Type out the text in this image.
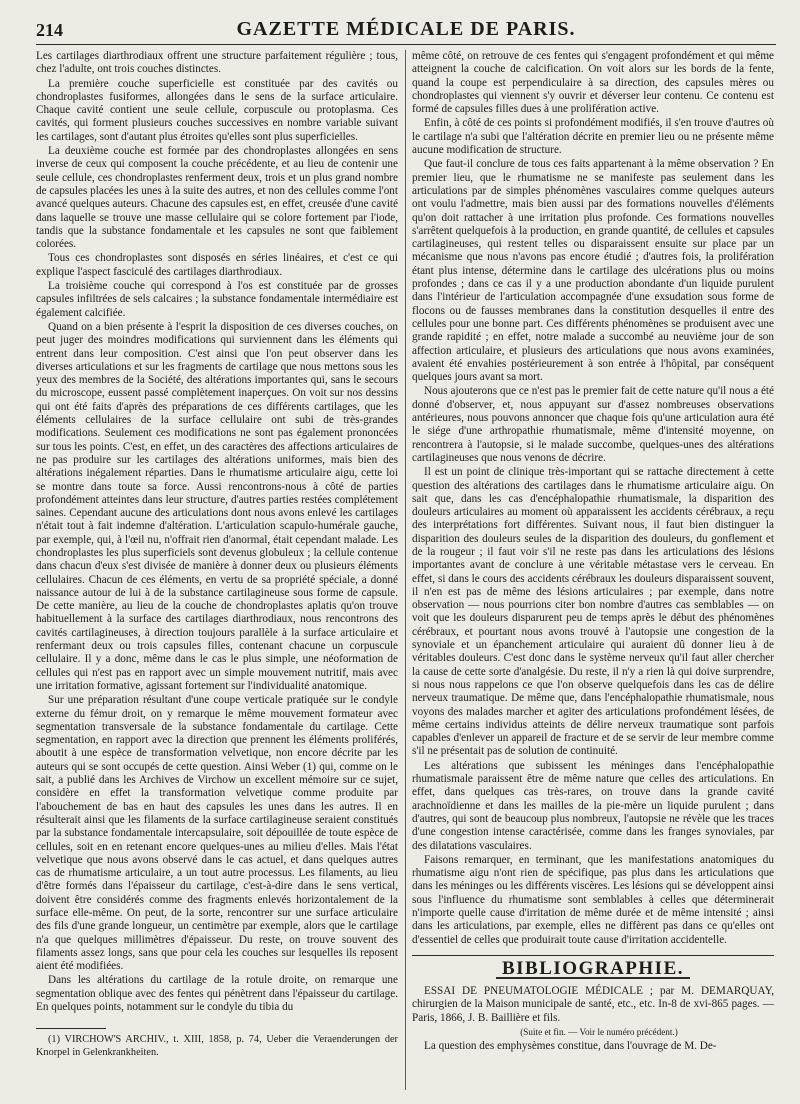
214	GAZETTE MÉDICALE DE PARIS.

Les cartilages diarthrodiaux offrent une structure parfaitement régulière ; tous, chez l'adulte, ont trois couches distinctes.

La première couche superficielle est constituée par des cavités ou chondroplastes fusiformes, allongées dans le sens de la surface articulaire. Chaque cavité contient une seule cellule, corpuscule ou protoplasma. Ces cavités, qui forment plusieurs couches successives en nombre variable suivant les cartilages, sont d'autant plus étroites qu'elles sont plus superficielles.

La deuxième couche est formée par des chondroplastes allongées en sens inverse de ceux qui composent la couche précédente, et au lieu de contenir une seule cellule, ces chondroplastes renferment deux, trois et un plus grand nombre de capsules placées les unes à la suite des autres, et non des cellules comme l'ont avancé quelques auteurs. Chacune des capsules est, en effet, creusée d'une cavité dans laquelle se trouve une masse cellulaire qui se colore fortement par l'iode, tandis que la substance fondamentale et les capsules ne sont que faiblement colorées.

Tous ces chondroplastes sont disposés en séries linéaires, et c'est ce qui explique l'aspect fasciculé des cartilages diarthrodiaux.

La troisième couche qui correspond à l'os est constituée par de grosses capsules infiltrées de sels calcaires ; la substance fondamentale intermédiaire est également calcifiée.

Quand on a bien présente à l'esprit la disposition de ces diverses couches, on peut juger des moindres modifications qui surviennent dans les éléments qui entrent dans leur composition. C'est ainsi que l'on peut observer dans les diverses articulations et sur les fragments de cartilage que nous mettons sous les yeux des membres de la Société, des altérations importantes qui, sans le secours du microscope, eussent passé complètement inaperçues. On voit sur nos dessins qui ont été faits d'après des préparations de ces différents cartilages, que les éléments cellulaires de la surface cellulaire ont subi de très-grandes modifications. Seulement ces modifications ne sont pas également prononcées sur tous les points. C'est, en effet, un des caractères des affections articulaires de ne pas produire sur les cartilages des altérations uniformes, mais bien des altérations inégalement réparties. Dans le rhumatisme articulaire aigu, cette loi se montre dans toute sa force. Aussi rencontrons-nous à côté de parties profondément atteintes dans leur structure, d'autres parties restées complétement saines. Cependant aucune des articulations dont nous avons enlevé les cartilages n'était tout à fait indemne d'altération. L'articulation scapulo-humérale gauche, par exemple, qui, à l'œil nu, n'offrait rien d'anormal, était cependant malade. Les chondroplastes les plus superficiels sont devenus globuleux ; la cellule contenue dans chacun d'eux s'est divisée de manière à donner deux ou plusieurs éléments cellulaires. Chacun de ces éléments, en vertu de sa propriété spéciale, a donné naissance autour de lui à de la substance cartilagineuse sous forme de capsule. De cette manière, au lieu de la couche de chondroplastes aplatis qu'on trouve habituellement à la surface des cartilages diarthrodiaux, nous rencontrons des cavités cartilagineuses, à direction toujours parallèle à la surface articulaire et renfermant deux ou trois capsules filles, contenant chacune un corpuscule cellulaire. Il y a donc, même dans le cas le plus simple, une néoformation de cellules qui n'est pas en rapport avec un simple mouvement nutritif, mais avec une irritation formative, agissant fortement sur l'individualité anatomique.

Sur une préparation résultant d'une coupe verticale pratiquée sur le condyle externe du fémur droit, on y remarque le même mouvement formateur avec segmentation transversale de la substance fondamentale du cartilage. Cette segmentation, en rapport avec la direction que prennent les éléments proliférés, aboutit à une espèce de transformation velvetique, non encore décrite par les auteurs qui se sont occupés de cette question. Ainsi Weber (1) qui, comme on le sait, a publié dans les Archives de Virchow un excellent mémoire sur ce sujet, considère en effet la transformation velvetique comme produite par l'abouchement de bas en haut des capsules les unes dans les autres. Il en résulterait ainsi que les filaments de la surface cartilagineuse seraient constitués par la substance fondamentale intercapsulaire, soit dépouillée de toute espèce de cellules, soit en en retenant encore quelques-unes au milieu d'elles. Mais l'état velvetique que nous avons observé dans le cas actuel, et dans quelques autres cas de rhumatisme articulaire, a un tout autre processus. Les filaments, au lieu d'être formés dans l'épaisseur du cartilage, c'est-à-dire dans le sens vertical, doivent être considérés comme des fragments enlevés horizontalement de la surface elle-même. On peut, de la sorte, rencontrer sur une surface articulaire des fils d'une grande longueur, un centimètre par exemple, alors que le cartilage n'a que quelques millimètres d'épaisseur. Du reste, on trouve souvent des filaments assez longs, sans que pour cela les couches sur lesquelles ils reposent aient été modifiées.

Dans les altérations du cartilage de la rotule droite, on remarque une segmentation oblique avec des fentes qui pénètrent dans l'épaisseur du cartilage. En quelques points, notamment sur le condyle du tibia du

(1) VIRCHOW'S ARCHIV., t. XIII, 1858, p. 74, Ueber die Veraenderungen der Knorpel in Gelenkrankheiten.

même côté, on retrouve de ces fentes qui s'engagent profondément et qui même atteignent la couche de calcification. On voit alors sur les bords de la fente, quand la coupe est perpendiculaire à sa direction, des capsules mères ou chondroplastes qui viennent s'y ouvrir et déverser leur contenu. Ce contenu est formé de capsules filles dues à une prolifération active.

Enfin, à côté de ces points si profondément modifiés, il s'en trouve d'autres où le cartilage n'a subi que l'altération décrite en premier lieu ou ne présente même aucune modification de structure.

Que faut-il conclure de tous ces faits appartenant à la même observation ? En premier lieu, que le rhumatisme ne se manifeste pas seulement dans les articulations par de simples phénomènes vasculaires comme quelques auteurs ont voulu l'admettre, mais bien aussi par des formations nouvelles d'éléments qu'on doit rattacher à une irritation plus profonde. Ces formations nouvelles s'arrêtent quelquefois à la production, en grande quantité, de cellules et capsules cartilagineuses, qui restent telles ou disparaissent ensuite sur place par un mécanisme que nous n'avons pas encore étudié ; d'autres fois, la prolifération étant plus intense, détermine dans le cartilage des ulcérations plus ou moins profondes ; dans ce cas il y a une production abondante d'un liquide purulent dans l'intérieur de l'articulation accompagnée d'une exsudation sous forme de flocons ou de fausses membranes dans la constitution desquelles il entre des cellules pour une bonne part. Ces différents phénomènes se produisent avec une grande rapidité ; en effet, notre malade a succombé au neuvième jour de son affection articulaire, et plusieurs des articulations que nous avons examinées, avaient été envahies postérieurement à son entrée à l'hôpital, par conséquent quelques jours avant sa mort.

Nous ajouterons que ce n'est pas le premier fait de cette nature qu'il nous a été donné d'observer, et, nous appuyant sur d'assez nombreuses observations antérieures, nous pouvons annoncer que chaque fois qu'une articulation aura été le siége d'une arthropathie rhumatismale, même d'intensité moyenne, on rencontrera à l'autopsie, si le malade succombe, quelques-unes des altérations cartilagineuses que nous venons de décrire.

Il est un point de clinique très-important qui se rattache directement à cette question des altérations des cartilages dans le rhumatisme articulaire aigu. On sait que, dans les cas d'encéphalopathie rhumatismale, la disparition des douleurs articulaires au moment où apparaissent les accidents cérébraux, a reçu des interprétations fort différentes. Suivant nous, il faut bien distinguer la disparition des douleurs seules de la disparition des douleurs, du gonflement et de la rougeur ; il faut voir s'il ne reste pas dans les articulations des lésions importantes avant de conclure à une véritable métastase vers le cerveau. En effet, si dans le cours des accidents cérébraux les douleurs disparaissent souvent, il n'en est pas de même des lésions articulaires ; par exemple, dans notre observation — nous pourrions citer bon nombre d'autres cas semblables — on voit que les douleurs disparurent peu de temps après le début des phénomènes cérébraux, et pourtant nous avons trouvé à l'autopsie une congestion de la synoviale et un épanchement articulaire qui auraient dû donner lieu à de véritables douleurs. C'est donc dans le système nerveux qu'il faut aller chercher la cause de cette sorte d'analgésie. Du reste, il n'y a rien là qui doive surprendre, si nous nous rappelons ce que l'on observe quelquefois dans les cas de délire nerveux traumatique. De même que, dans l'encéphalopathie rhumatismale, nous voyons des malades marcher et agiter des articulations profondément lésées, de même certains individus atteints de délire nerveux traumatique sont parfois capables d'enlever un appareil de fracture et de se servir de leur membre comme s'il ne présentait pas de solution de continuité.

Les altérations que subissent les méninges dans l'encéphalopathie rhumatismale paraissent être de même nature que celles des articulations. En effet, dans quelques cas très-rares, on trouve dans la grande cavité arachnoïdienne et dans les mailles de la pie-mère un liquide purulent ; dans d'autres, qui sont de beaucoup plus nombreux, l'autopsie ne révèle que les traces d'une congestion intense caractérisée, comme dans les franges synoviales, par des dilatations vasculaires.

Faisons remarquer, en terminant, que les manifestations anatomiques du rhumatisme aigu n'ont rien de spécifique, pas plus dans les articulations que dans les méninges ou les différents viscères. Les lésions qui se développent ainsi sous l'influence du rhumatisme sont semblables à celles que déterminerait n'importe quelle cause d'irritation de même durée et de même intensité ; ainsi dans les articulations, par exemple, elles ne diffèrent pas dans ce qu'elles ont d'essentiel de celles que produirait toute cause d'irritation accidentelle.

BIBLIOGRAPHIE.

ESSAI DE PNEUMATOLOGIE MÉDICALE ; par M. DEMARQUAY, chirurgien de la Maison municipale de santé, etc., etc. In-8 de xvi-865 pages. — Paris, 1866, J. B. Baillière et fils.

(Suite et fin. — Voir le numéro précédent.)

La question des emphysèmes constitue, dans l'ouvrage de M. De-
